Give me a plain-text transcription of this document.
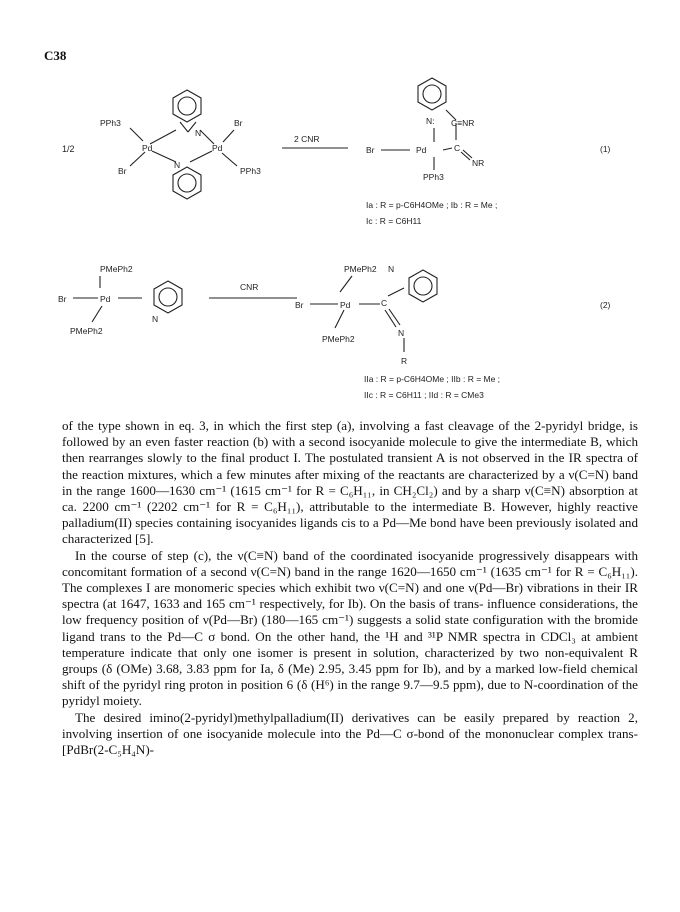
C38
1/2
PPh3	Br
N
Pd	Pd
N
Br	PPh3
2 CNR
N: C≡NR
Br	Pd	C
NR
PPh3
(1)
Ia : R = p-C6H4OMe ; Ib : R = Me ;
Ic : R = C6H11
PMePh2
Br	Pd
N
PMePh2
CNR
PMePh2 N
Br	Pd	C
N
R
PMePh2
(2)
IIa : R = p-C6H4OMe ; IIb : R = Me ;
IIc : R = C6H11 ; IId : R = CMe3

of the type shown in eq. 3, in which the first step (a), involving a fast cleavage of the 2-pyridyl bridge, is followed by an even faster reaction (b) with a second isocyanide molecule to give the intermediate B, which then rearranges slowly to the final product I. The postulated transient A is not observed in the IR spectra of the reaction mixtures, which a few minutes after mixing of the reactants are characterized by a ν(C=N) band in the range 1600—1630 cm⁻¹ (1615 cm⁻¹ for R = C₆H₁₁, in CH₂Cl₂) and by a sharp ν(C≡N) absorption at ca. 2200 cm⁻¹ (2202 cm⁻¹ for R = C₆H₁₁), attributable to the intermediate B. However, highly reactive palladium(II) species containing isocyanides ligands cis to a Pd—Me bond have been previously isolated and characterized [5].

In the course of step (c), the ν(C≡N) band of the coordinated isocyanide progressively disappears with concomitant formation of a second ν(C=N) band in the range 1620—1650 cm⁻¹ (1635 cm⁻¹ for R = C₆H₁₁). The complexes I are monomeric species which exhibit two ν(C=N) and one ν(Pd—Br) vibrations in their IR spectra (at 1647, 1633 and 165 cm⁻¹ respectively, for Ib). On the basis of trans- influence considerations, the low frequency position of ν(Pd—Br) (180—165 cm⁻¹) suggests a solid state configuration with the bromide ligand trans to the Pd—C σ bond. On the other hand, the ¹H and ³¹P NMR spectra in CDCl₃ at ambient temperature indicate that only one isomer is present in solution, characterized by two non-equivalent R groups (δ (OMe) 3.68, 3.83 ppm for Ia, δ (Me) 2.95, 3.45 ppm for Ib), and by a marked low-field chemical shift of the pyridyl ring proton in position 6 (δ (H⁶) in the range 9.7—9.5 ppm), due to N-coordination of the pyridyl moiety.

The desired imino(2-pyridyl)methylpalladium(II) derivatives can be easily prepared by reaction 2, involving insertion of one isocyanide molecule into the Pd—C σ-bond of the mononuclear complex trans-[PdBr(2-C₅H₄N)-
